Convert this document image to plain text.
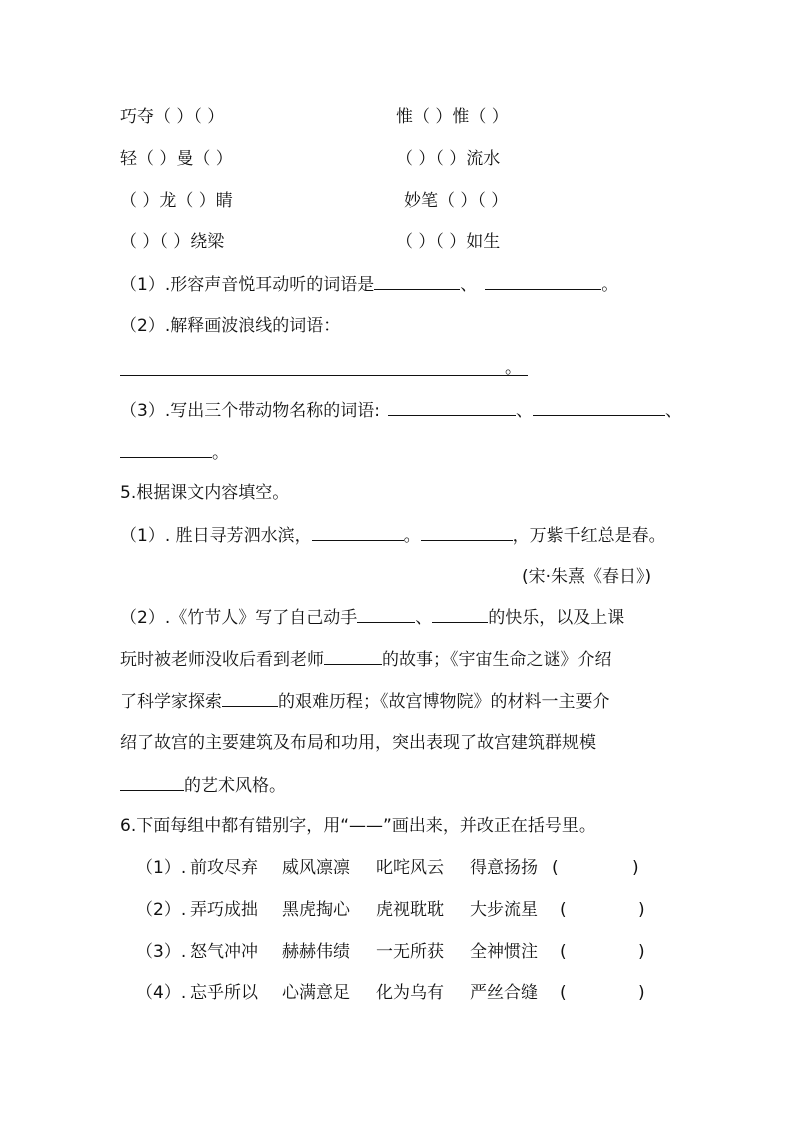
巧夺（ ）（ ）	惟（ ）惟（ ）
轻（ ）曼（ ）	（ ）（ ）流水
（ ）龙（ ）睛	妙笔（ ）（ ）
（ ）（ ）绕梁	（ ）（ ）如生
（1）.形容声音悦耳动听的词语是	、	。
（2）.解释画波浪线的词语：
。
（3）.写出三个带动物名称的词语:	、	、
。
5.根据课文内容填空。
（1）. 胜日寻芳泗水滨，	。	，万紫千红总是春。
(宋·朱熹《春日》)
（2）.《竹节人》写了自己动手	、	的快乐，以及上课
玩时被老师没收后看到老师	的故事；《宇宙生命之谜》介绍
了科学家探索	的艰难历程；《故宫博物院》的材料一主要介
绍了故宫的主要建筑及布局和功用，突出表现了故宫建筑群规模
的艺术风格。
6.下面每组中都有错别字，用“——”画出来，并改正在括号里。
（1）. 前攻尽弃 威风凛凛 叱咤风云 得意扬扬 (	)
（2）. 弄巧成拙 黑虎掏心 虎视耽耽 大步流星 (	)
（3）. 怒气冲冲 赫赫伟绩 一无所获 全神惯注 (	)
（4）. 忘乎所以 心满意足 化为乌有 严丝合缝 (	)
